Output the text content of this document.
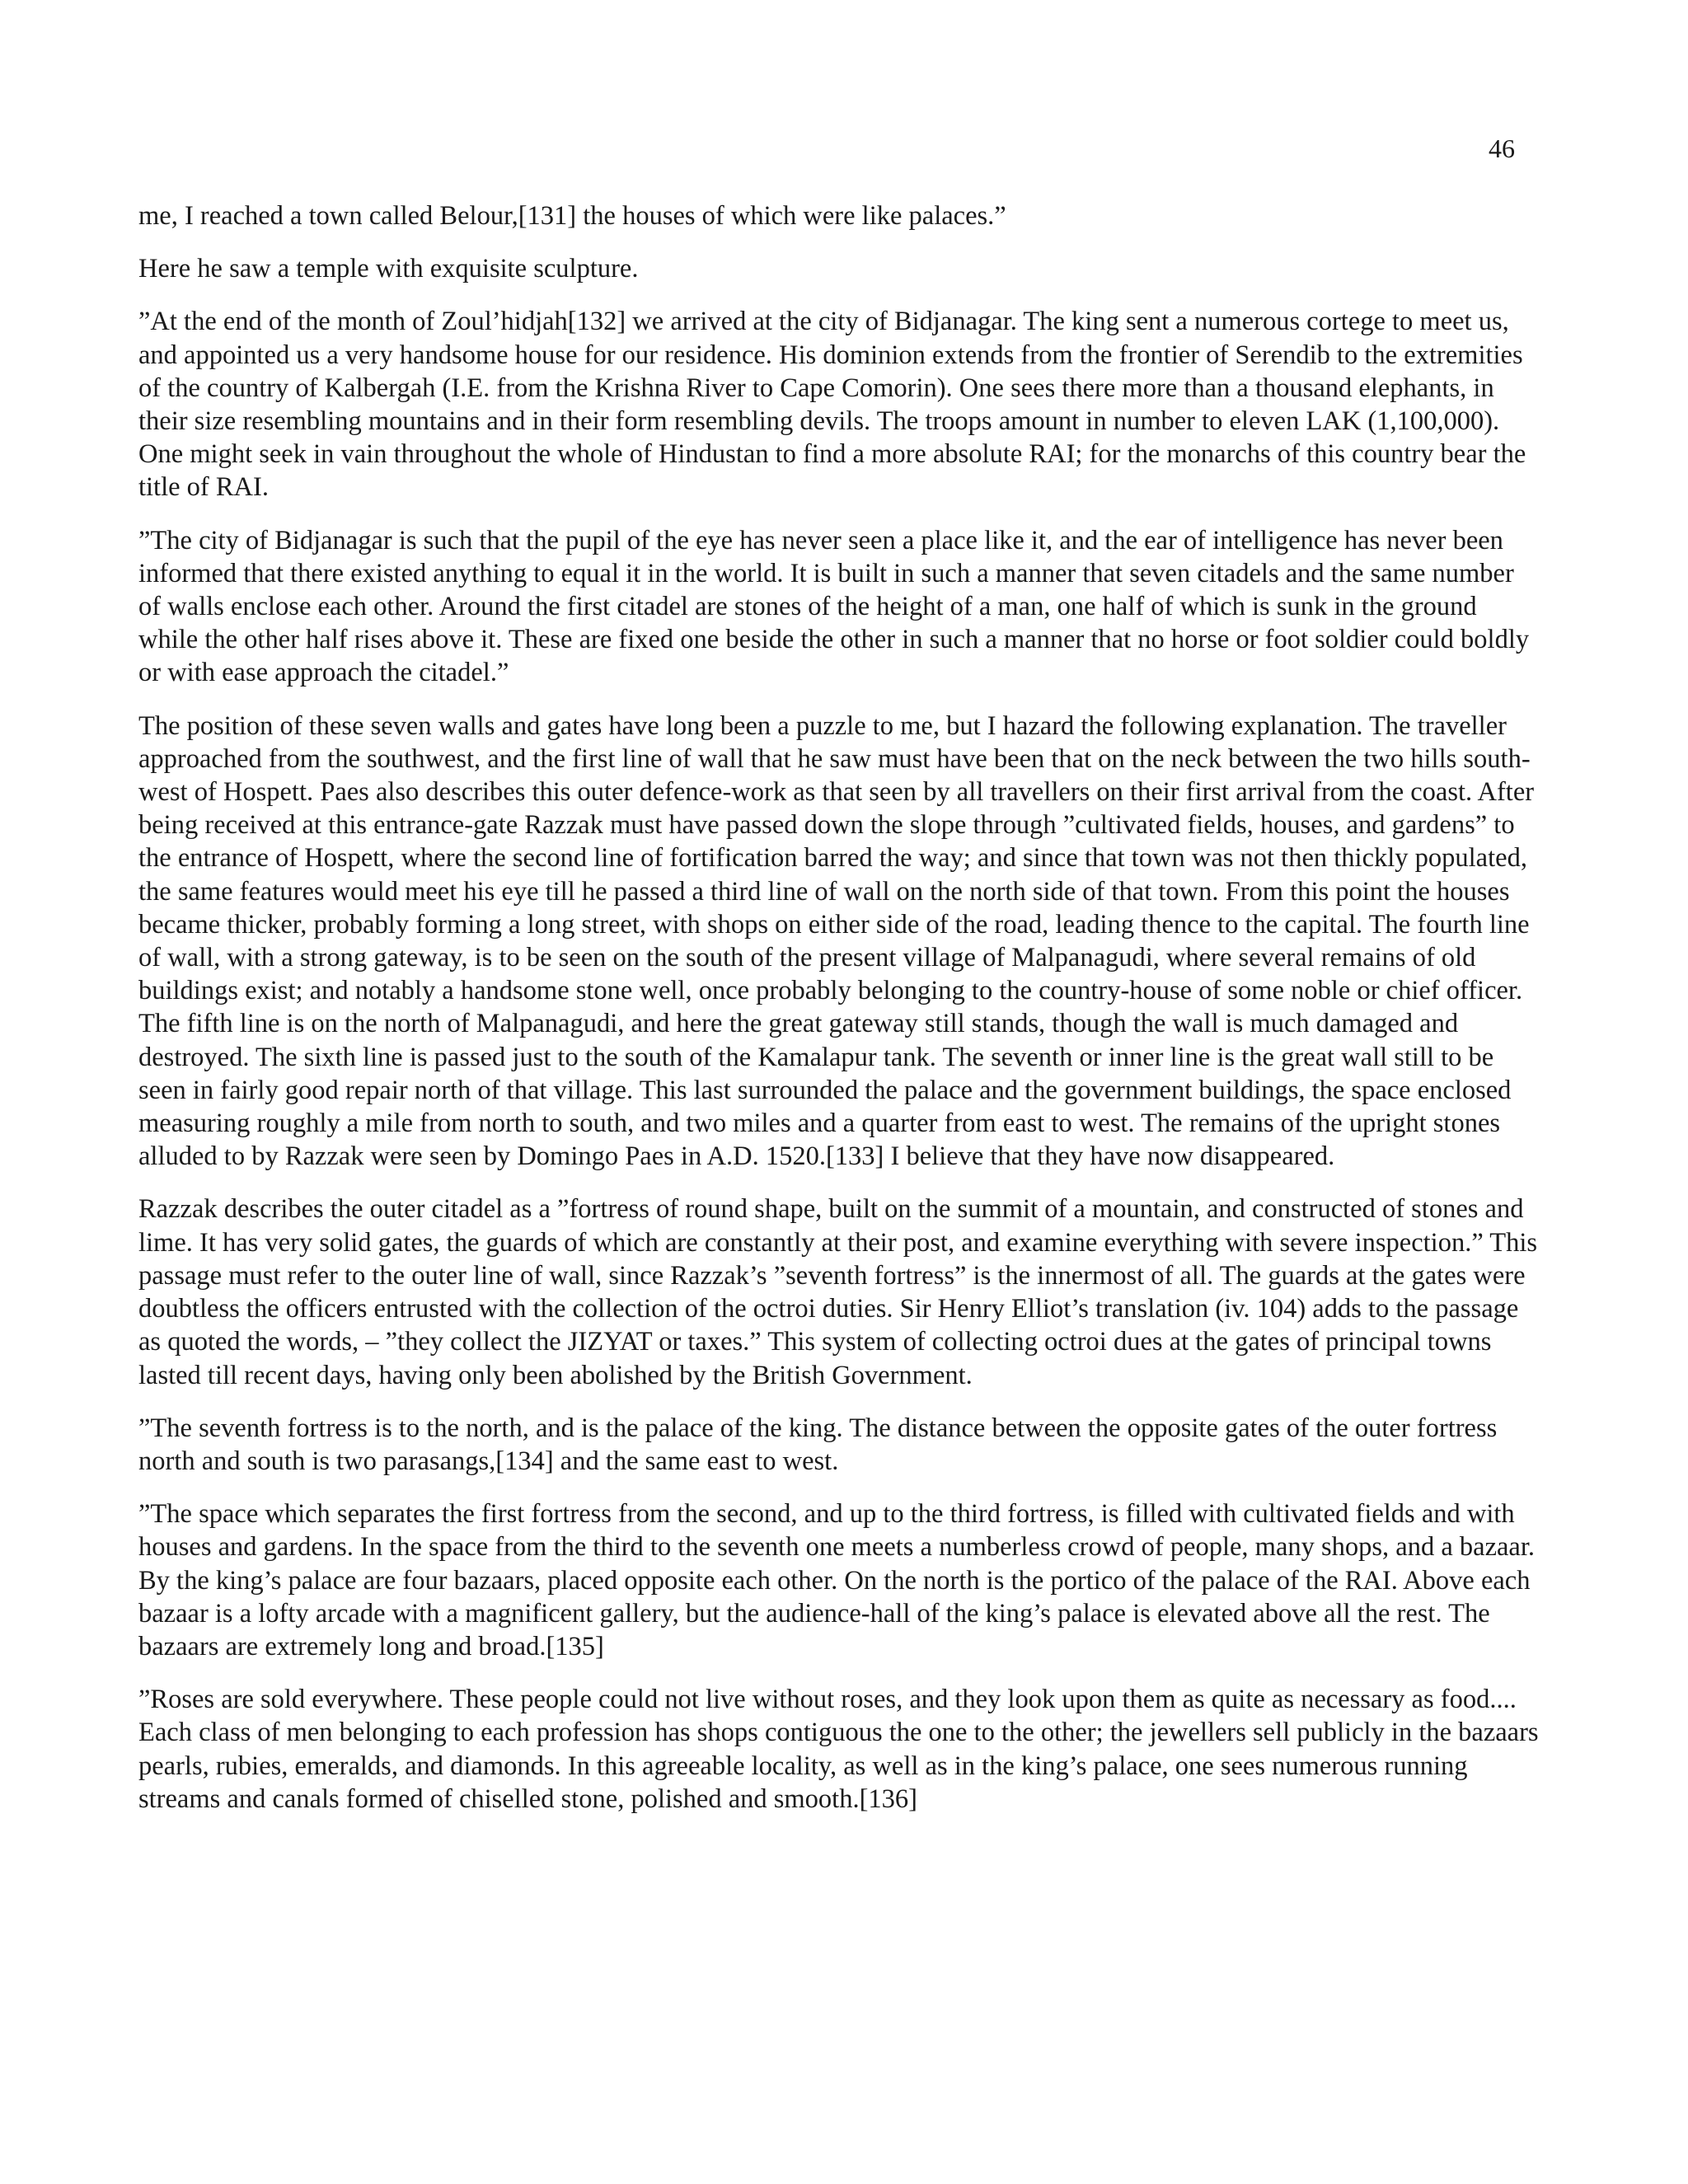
46

me, I reached a town called Belour,[131] the houses of which were like palaces.”

Here he saw a temple with exquisite sculpture.

”At the end of the month of Zoul’hidjah[132] we arrived at the city of Bidjanagar. The king sent a numerous cortege to meet us, and appointed us a very handsome house for our residence. His dominion extends from the frontier of Serendib to the extremities of the country of Kalbergah (I.E. from the Krishna River to Cape Comorin). One sees there more than a thousand elephants, in their size resembling mountains and in their form resembling devils. The troops amount in number to eleven LAK (1,100,000). One might seek in vain throughout the whole of Hindustan to find a more absolute RAI; for the monarchs of this country bear the title of RAI.

”The city of Bidjanagar is such that the pupil of the eye has never seen a place like it, and the ear of intelligence has never been informed that there existed anything to equal it in the world. It is built in such a manner that seven citadels and the same number of walls enclose each other. Around the first citadel are stones of the height of a man, one half of which is sunk in the ground while the other half rises above it. These are fixed one beside the other in such a manner that no horse or foot soldier could boldly or with ease approach the citadel.”

The position of these seven walls and gates have long been a puzzle to me, but I hazard the following explanation. The traveller approached from the southwest, and the first line of wall that he saw must have been that on the neck between the two hills south-west of Hospett. Paes also describes this outer defence-work as that seen by all travellers on their first arrival from the coast. After being received at this entrance-gate Razzak must have passed down the slope through ”cultivated fields, houses, and gardens” to the entrance of Hospett, where the second line of fortification barred the way; and since that town was not then thickly populated, the same features would meet his eye till he passed a third line of wall on the north side of that town. From this point the houses became thicker, probably forming a long street, with shops on either side of the road, leading thence to the capital. The fourth line of wall, with a strong gateway, is to be seen on the south of the present village of Malpanagudi, where several remains of old buildings exist; and notably a handsome stone well, once probably belonging to the country-house of some noble or chief officer. The fifth line is on the north of Malpanagudi, and here the great gateway still stands, though the wall is much damaged and destroyed. The sixth line is passed just to the south of the Kamalapur tank. The seventh or inner line is the great wall still to be seen in fairly good repair north of that village. This last surrounded the palace and the government buildings, the space enclosed measuring roughly a mile from north to south, and two miles and a quarter from east to west. The remains of the upright stones alluded to by Razzak were seen by Domingo Paes in A.D. 1520.[133] I believe that they have now disappeared.

Razzak describes the outer citadel as a ”fortress of round shape, built on the summit of a mountain, and constructed of stones and lime. It has very solid gates, the guards of which are constantly at their post, and examine everything with severe inspection.” This passage must refer to the outer line of wall, since Razzak’s ”seventh fortress” is the innermost of all. The guards at the gates were doubtless the officers entrusted with the collection of the octroi duties. Sir Henry Elliot’s translation (iv. 104) adds to the passage as quoted the words, – ”they collect the JIZYAT or taxes.” This system of collecting octroi dues at the gates of principal towns lasted till recent days, having only been abolished by the British Government.

”The seventh fortress is to the north, and is the palace of the king. The distance between the opposite gates of the outer fortress north and south is two parasangs,[134] and the same east to west.

”The space which separates the first fortress from the second, and up to the third fortress, is filled with cultivated fields and with houses and gardens. In the space from the third to the seventh one meets a numberless crowd of people, many shops, and a bazaar. By the king’s palace are four bazaars, placed opposite each other. On the north is the portico of the palace of the RAI. Above each bazaar is a lofty arcade with a magnificent gallery, but the audience-hall of the king’s palace is elevated above all the rest. The bazaars are extremely long and broad.[135]

”Roses are sold everywhere. These people could not live without roses, and they look upon them as quite as necessary as food.... Each class of men belonging to each profession has shops contiguous the one to the other; the jewellers sell publicly in the bazaars pearls, rubies, emeralds, and diamonds. In this agreeable locality, as well as in the king’s palace, one sees numerous running streams and canals formed of chiselled stone, polished and smooth.[136]
